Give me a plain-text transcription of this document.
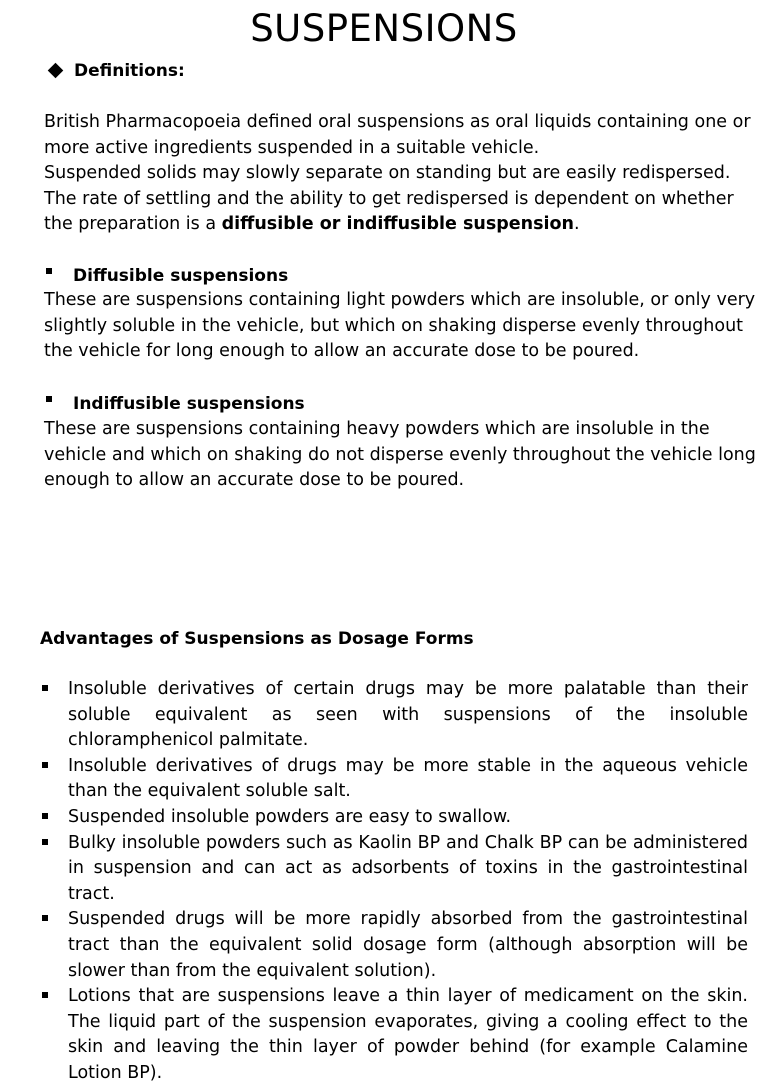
SUSPENSIONS
Definitions:

British Pharmacopoeia defined oral suspensions as oral liquids containing one or more active ingredients suspended in a suitable vehicle.
Suspended solids may slowly separate on standing but are easily redispersed.
The rate of settling and the ability to get redispersed is dependent on whether the preparation is a diffusible or indiffusible suspension.

Diffusible suspensions

These are suspensions containing light powders which are insoluble, or only very slightly soluble in the vehicle, but which on shaking disperse evenly throughout the vehicle for long enough to allow an accurate dose to be poured.

Indiffusible suspensions

These are suspensions containing heavy powders which are insoluble in the vehicle and which on shaking do not disperse evenly throughout the vehicle long enough to allow an accurate dose to be poured.

Advantages of Suspensions as Dosage Forms
Insoluble derivatives of certain drugs may be more palatable than their soluble equivalent as seen with suspensions of the insoluble chloramphenicol palmitate.
Insoluble derivatives of drugs may be more stable in the aqueous vehicle than the equivalent soluble salt.
Suspended insoluble powders are easy to swallow.
Bulky insoluble powders such as Kaolin BP and Chalk BP can be administered in suspension and can act as adsorbents of toxins in the gastrointestinal tract.
Suspended drugs will be more rapidly absorbed from the gastrointestinal tract than the equivalent solid dosage form (although absorption will be slower than from the equivalent solution).
Lotions that are suspensions leave a thin layer of medicament on the skin. The liquid part of the suspension evaporates, giving a cooling effect to the skin and leaving the thin layer of powder behind (for example Calamine Lotion BP).
